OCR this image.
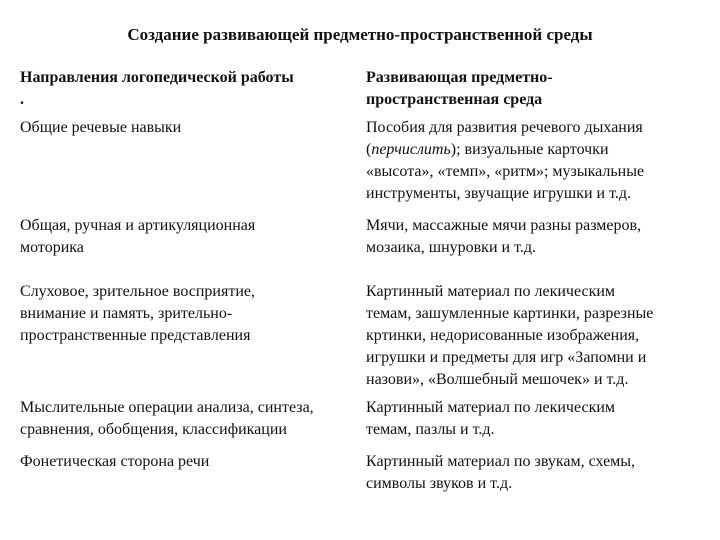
Создание развивающей предметно-пространственной среды
Направления логопедической работы
.
Развивающая предметно-
пространственная среда
Общие речевые навыки	Пособия для развития речевого дыхания
(перчислить); визуальные карточки
«высота», «темп», «ритм»; музыкальные
инструменты, звучащие игрушки и т.д.
Общая, ручная и артикуляционная
моторика
Мячи, массажные мячи разны размеров,
мозаика, шнуровки и т.д.
Слуховое, зрительное восприятие,
внимание и память, зрительно-
пространственные представления
Картинный материал по лекическим
темам, зашумленные картинки, разрезные
кртинки, недорисованные изображения,
игрушки и предметы для игр «Запомни и
назови», «Волшебный мешочек» и т.д.
Мыслительные операции анализа, синтеза,
сравнения, обобщения, классификации
Картинный материал по лекическим
темам, пазлы и т.д.
Фонетическая сторона речи	Картинный материал по звукам, схемы,
символы звуков и т.д.
